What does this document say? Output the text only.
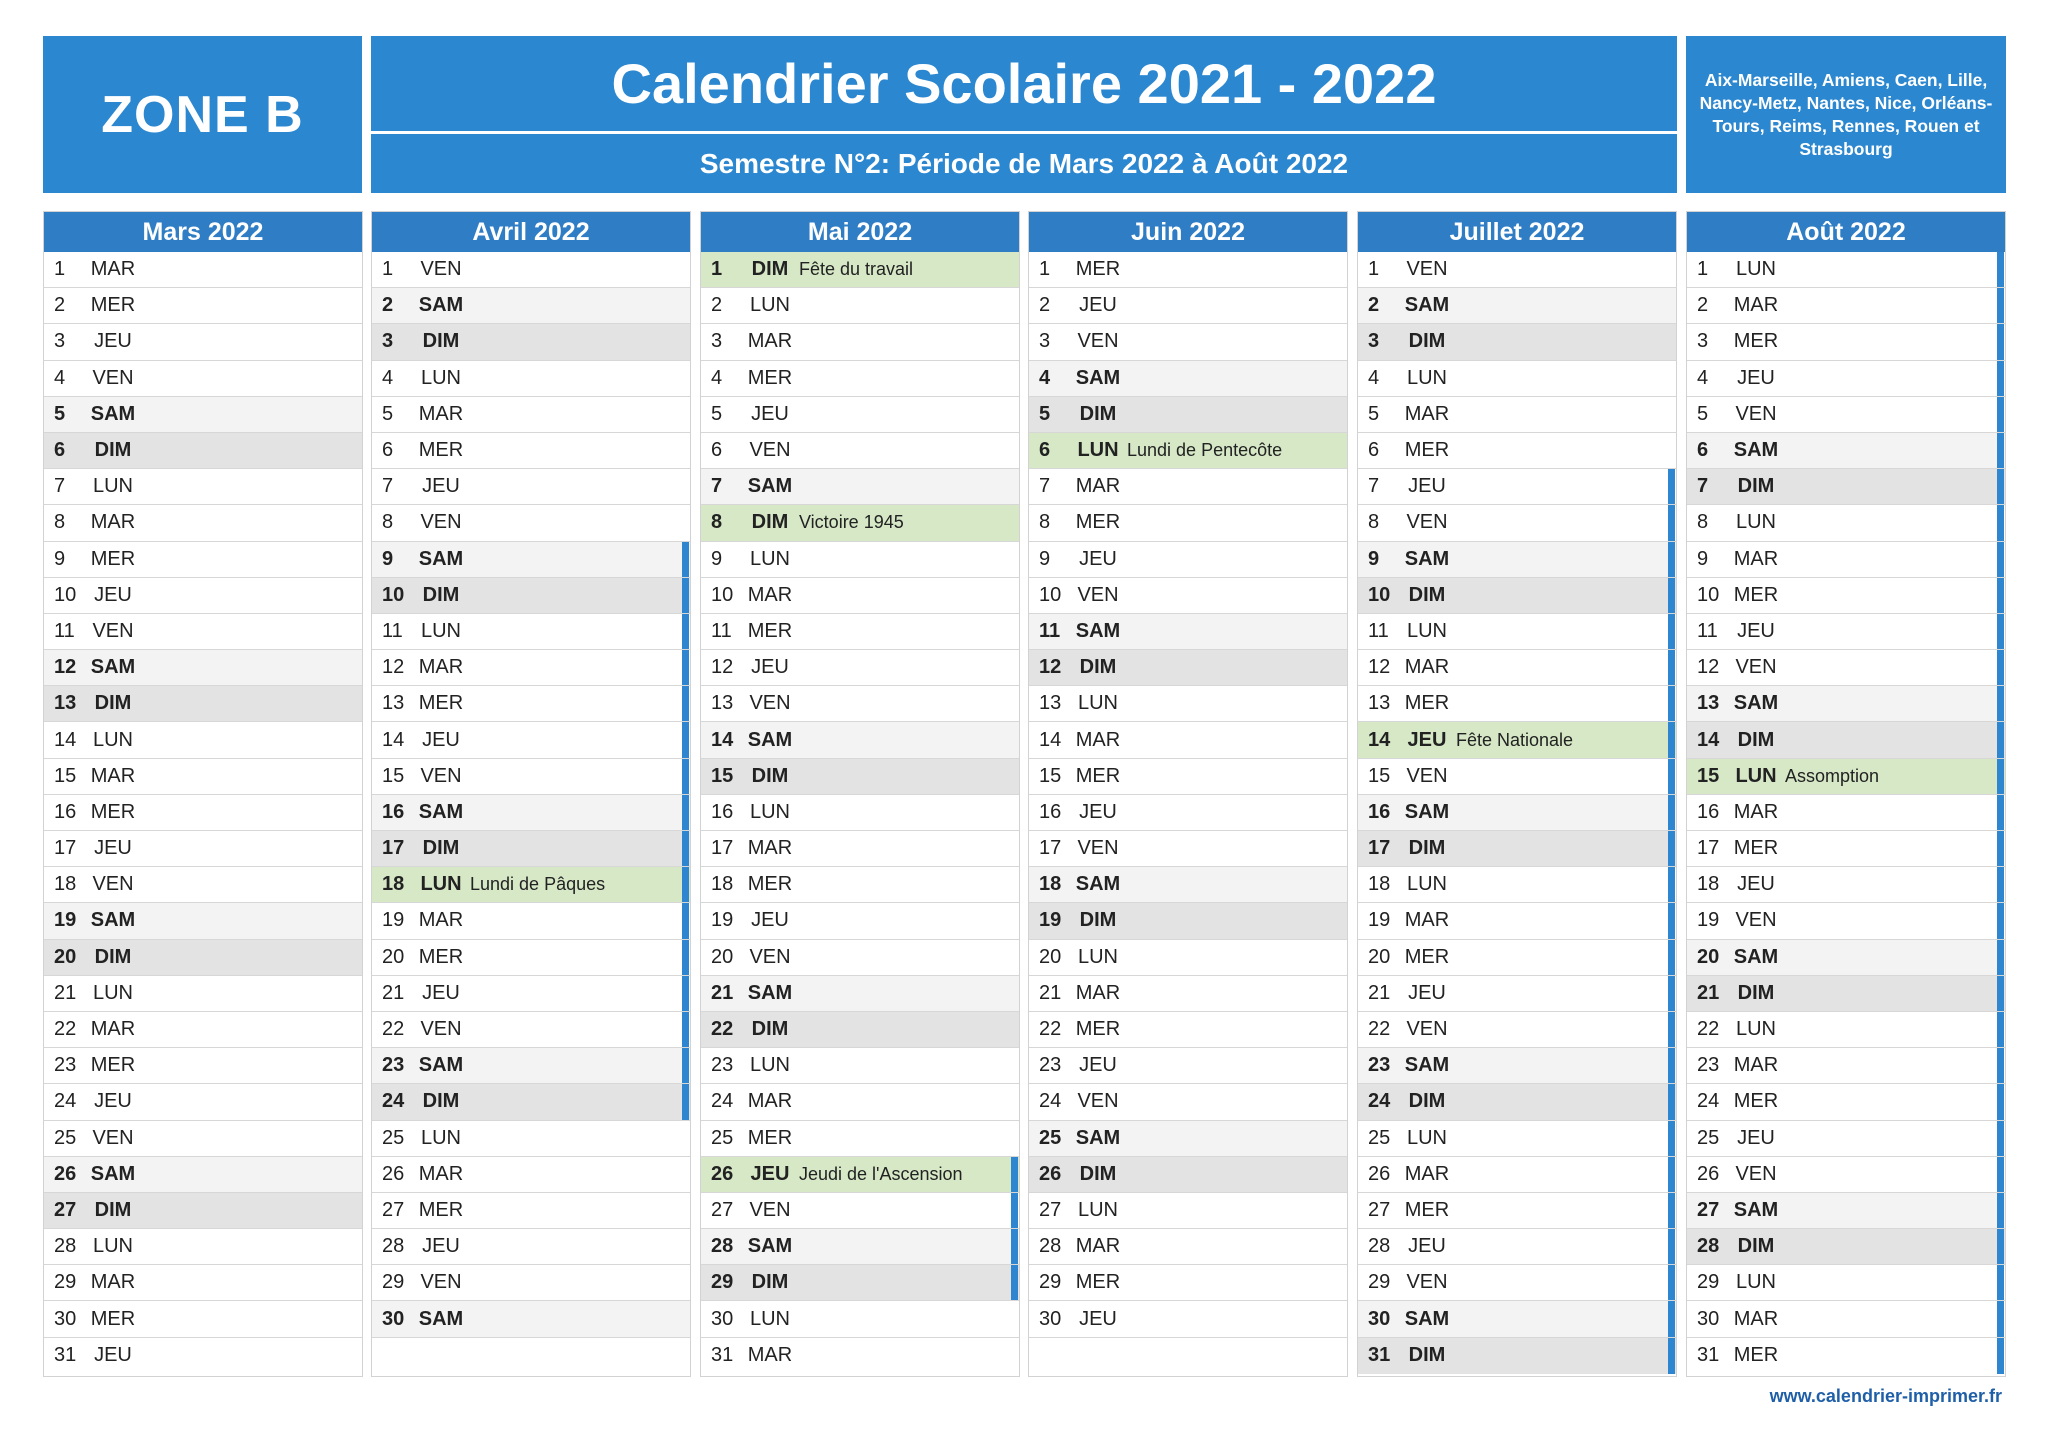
ZONE B	Calendrier Scolaire 2021 - 2022
Semestre N°2: Période de Mars 2022 à Août 2022
Aix-Marseille, Amiens, Caen, Lille, Nancy-Metz, Nantes, Nice, Orléans-Tours, Reims, Rennes, Rouen et Strasbourg
Mars 2022
1	MAR
2	MER
3	JEU
4	VEN
5	SAM
6	DIM
7	LUN
8	MAR
9	MER
10 JEU
11 VEN
12 SAM
13 DIM
14 LUN
15 MAR
16 MER
17 JEU
18 VEN
19 SAM
20 DIM
21 LUN
22 MAR
23 MER
24 JEU
25 VEN
26 SAM
27 DIM
28 LUN
29 MAR
30 MER
31 JEU
Avril 2022
1	VEN
2	SAM
3	DIM
4	LUN
5	MAR
6	MER
7	JEU
8	VEN
9	SAM
10 DIM
11 LUN
12 MAR
13 MER
14 JEU
15 VEN
16 SAM
17 DIM
18 LUN Lundi de Pâques
19 MAR
20 MER
21 JEU
22 VEN
23 SAM
24 DIM
25 LUN
26 MAR
27 MER
28 JEU
29 VEN
30 SAM
Mai 2022
1	DIM Fête du travail
2	LUN
3	MAR
4	MER
5	JEU
6	VEN
7	SAM
8	DIM Victoire 1945
9	LUN
10 MAR
11 MER
12 JEU
13 VEN
14 SAM
15 DIM
16 LUN
17 MAR
18 MER
19 JEU
20 VEN
21 SAM
22 DIM
23 LUN
24 MAR
25 MER
26 JEU Jeudi de l'Ascension
27 VEN
28 SAM
29 DIM
30 LUN
31 MAR
Juin 2022
1	MER
2	JEU
3	VEN
4	SAM
5	DIM
6	LUN Lundi de Pentecôte
7	MAR
8	MER
9	JEU
10 VEN
11 SAM
12 DIM
13 LUN
14 MAR
15 MER
16 JEU
17 VEN
18 SAM
19 DIM
20 LUN
21 MAR
22 MER
23 JEU
24 VEN
25 SAM
26 DIM
27 LUN
28 MAR
29 MER
30 JEU
Juillet 2022
1	VEN
2	SAM
3	DIM
4	LUN
5	MAR
6	MER
7	JEU
8	VEN
9	SAM
10 DIM
11 LUN
12 MAR
13 MER
14 JEU Fête Nationale
15 VEN
16 SAM
17 DIM
18 LUN
19 MAR
20 MER
21 JEU
22 VEN
23 SAM
24 DIM
25 LUN
26 MAR
27 MER
28 JEU
29 VEN
30 SAM
31 DIM
Août 2022
1	LUN
2	MAR
3	MER
4	JEU
5	VEN
6	SAM
7	DIM
8	LUN
9	MAR
10 MER
11 JEU
12 VEN
13 SAM
14 DIM
15 LUN Assomption
16 MAR
17 MER
18 JEU
19 VEN
20 SAM
21 DIM
22 LUN
23 MAR
24 MER
25 JEU
26 VEN
27 SAM
28 DIM
29 LUN
30 MAR
31 MER
www.calendrier-imprimer.fr
